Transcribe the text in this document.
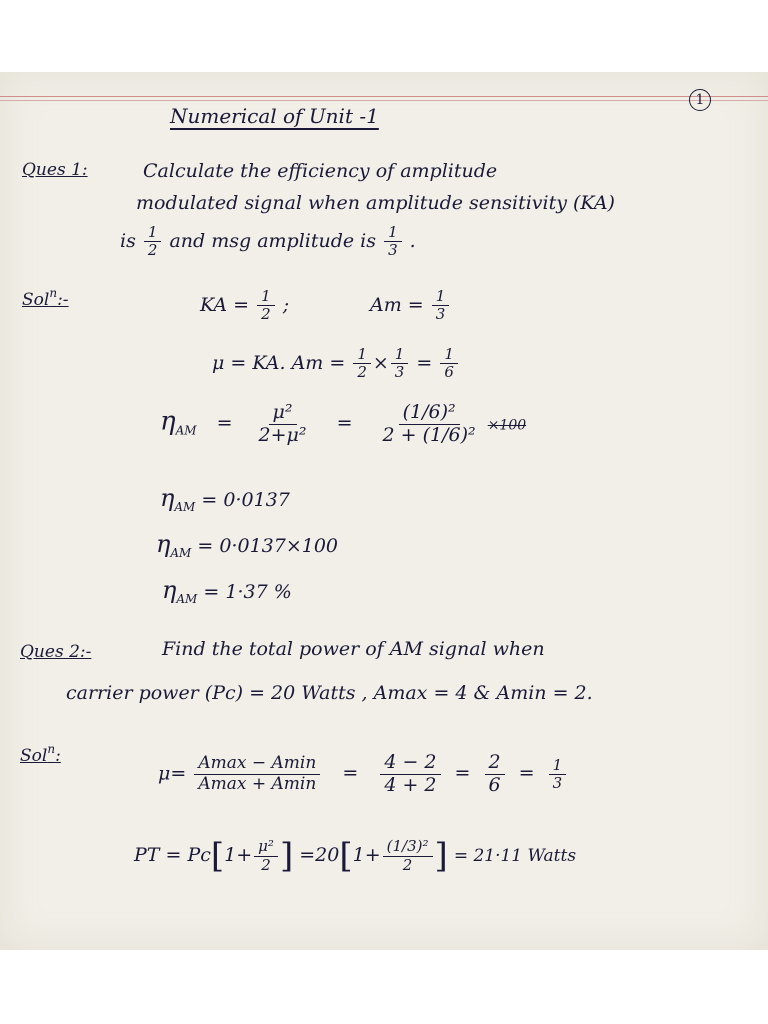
1
Numerical of Unit -1
Ques 1:	Calculate the efficiency of amplitude
modulated signal when amplitude sensitivity (KA)
is $\frac{1}{2}$ and msg amplitude is $\frac{1}{3}$ .
Sol$^n$:-	KA = $\frac{1}{2}$ ;	$Am = \frac{1}{3}$
μ = KA. $Am = \frac{1}{2} \times \frac{1}{3} = \frac{1}{6}$
$\eta_{AM} = \frac{\text{μ²}}{\text{2+μ²}} = \frac{\text{(1/6)²}}{\text{2 + (1/6)²}} \times 100$
$\eta_{AM} = 0\cdot 0137$
$\eta_{AM} = 0\cdot 0137\times 100$
$\eta_{AM} = 1\cdot 37$ %
Ques 2:-	Find the total power of AM signal when
carrier power (Pc) = 20 Watts , Amax = 4 & Amin = 2.
Sol$^n$:
$\mu= \frac{Amax - Amin}{Amax + Amin} = \frac{4 - 2}{4 + 2} = \frac{2}{6} = \frac{1}{3}$
PT = $Pc[1+ \frac{\text{μ²}}{2}$ ] $=20[1+ \frac{\text{(1/3)²}}{2}$ ] = 21·11 Watts
